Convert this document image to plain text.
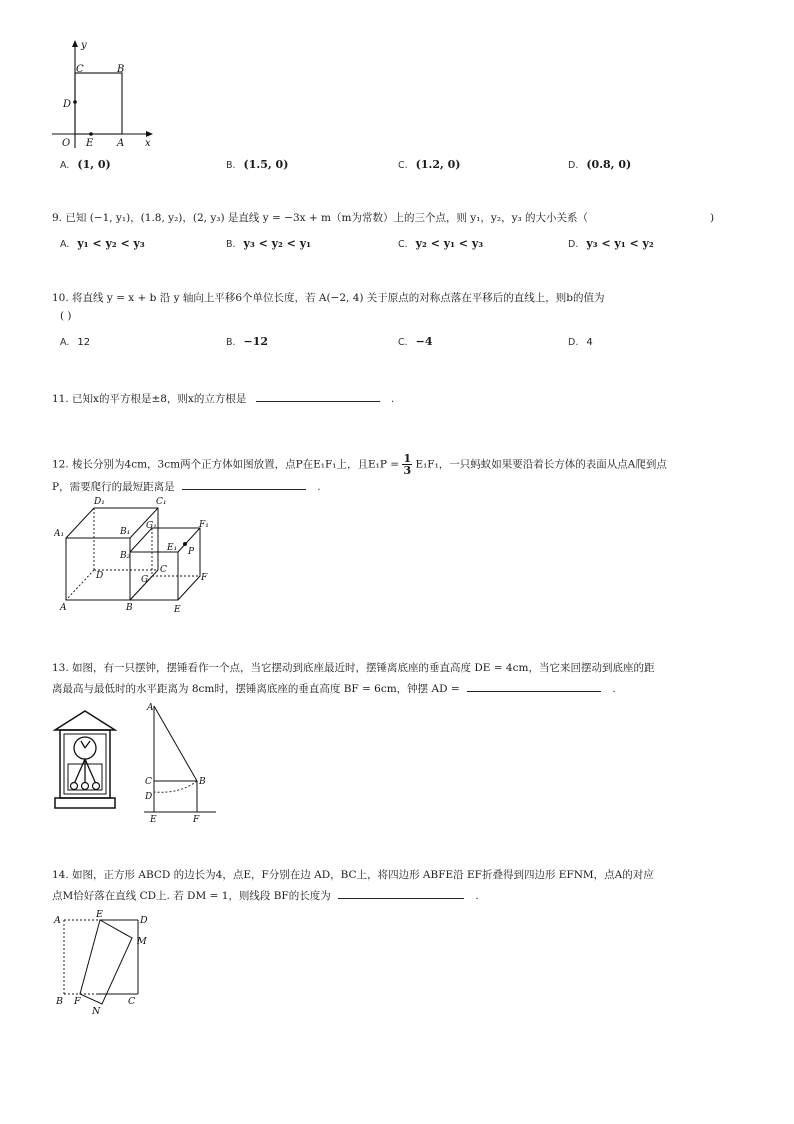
y
C	B
D
O E A x
A. (1, 0)	B. (1.5, 0)	C. (1.2, 0)	D. (0.8, 0)
9. 已知 (−1, y₁)，(1.8, y₂)，(2, y₃) 是直线 y = −3x + m（m为常数）上的三个点，则 y₁，y₂，y₃ 的大小关系（	)
A. y₁ < y₂ < y₃	B. y₃ < y₂ < y₁	C. y₂ < y₁ < y₃	D. y₃ < y₁ < y₂
10. 将直线 y = x + b 沿 y 轴向上平移6个单位长度，若 A(−2, 4) 关于原点的对称点落在平移后的直线上，则b的值为
( )
A. 12	B. −12	C. −4	D. 4
11. 已知x的平方根是±8，则x的立方根是	.
12. 棱长分别为4cm，3cm两个正方体如图放置，点P在E₁F₁上，且$E_1P = \frac{1}{3} E_1F_1$，一只蚂蚁如果要沿着长方体的表面从点A爬到点
P，需要爬行的最短距离是	.
D₁	C₁
A₁	B₁
G₁	F₁
B₂
E₁ P
D
C
G	F
A	B	E
13. 如图，有一只摆钟，摆锤看作一个点，当它摆动到底座最近时，摆锤离底座的垂直高度 DE = 4cm，当它来回摆动到底座的距
离最高与最低时的水平距离为 8cm时，摆锤离底座的垂直高度 BF = 6cm，钟摆 AD =	.
A
C	B
D
E	F
14. 如图，正方形 ABCD 的边长为4，点E，F分别在边 AD，BC上，将四边形 ABFE沿 EF折叠得到四边形 EFNM，点A的对应
点M恰好落在直线 CD上. 若 DM = 1，则线段 BF的长度为	.
A
E
D
M
B F	C
N
